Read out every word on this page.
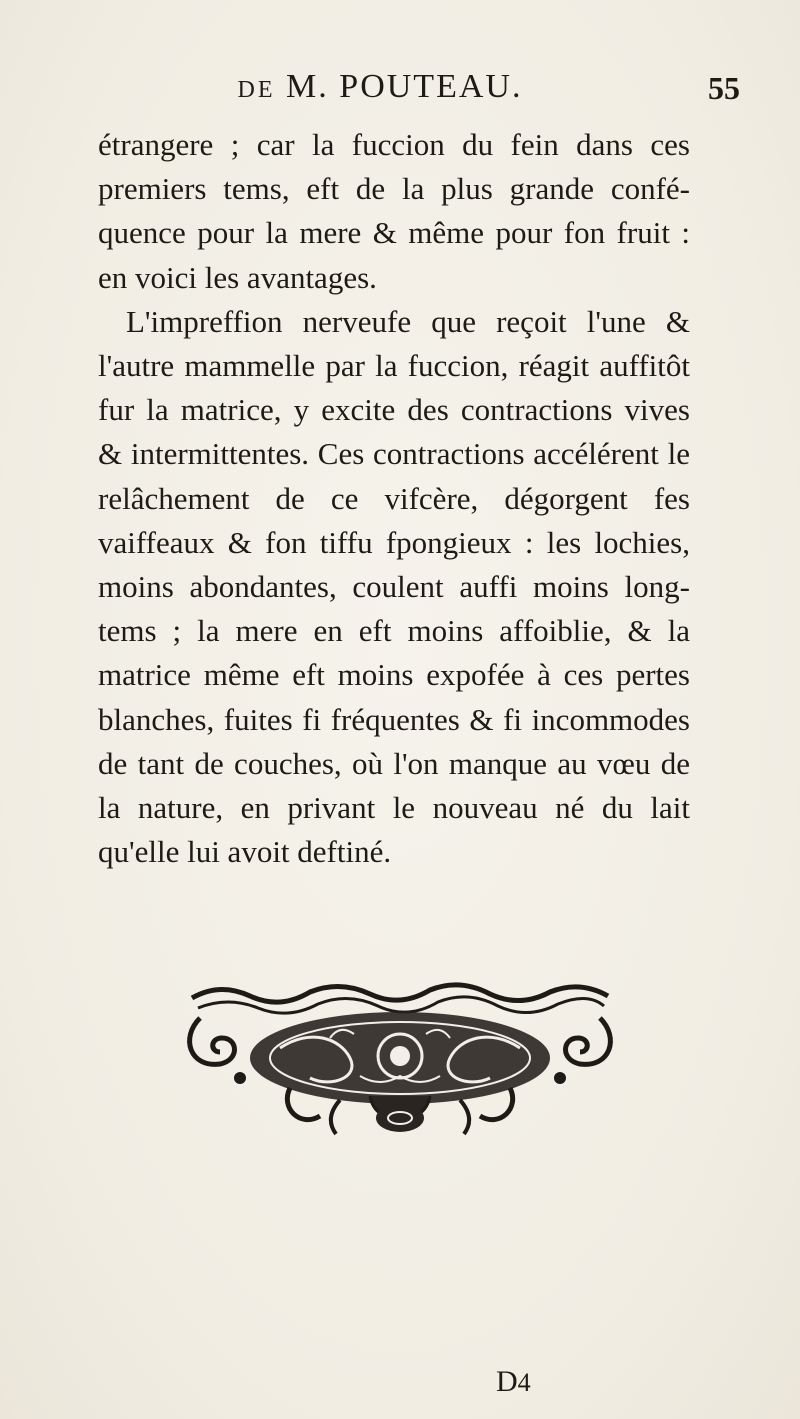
DE M. POUTEAU.	55

étrangere ; car la fuccion du fein dans ces premiers tems, eft de la plus grande confé-quence pour la mere & même pour fon fruit : en voici les avantages.

L'impreffion nerveufe que reçoit l'une & l'autre mammelle par la fuccion, réagit auffitôt fur la matrice, y excite des contractions vives & intermittentes. Ces contractions accélérent le relâchement de ce vifcère, dégorgent fes vaiffeaux & fon tiffu fpongieux : les lochies, moins abondantes, coulent auffi moins long-tems ; la mere en eft moins affoiblie, & la matrice même eft moins expofée à ces pertes blanches, fuites fi fréquentes & fi incommodes de tant de couches, où l'on manque au vœu de la nature, en privant le nouveau né du lait qu'elle lui avoit deftiné.

D4
